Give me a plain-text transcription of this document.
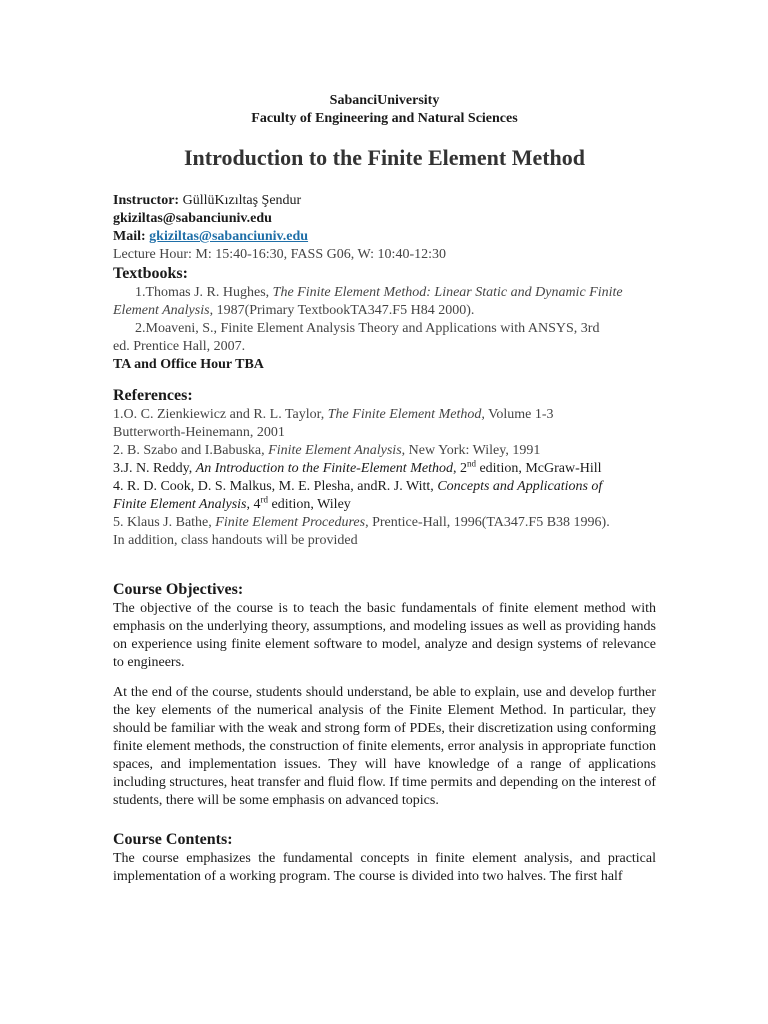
SabanciUniversity
Faculty of Engineering and Natural Sciences
Introduction to the Finite Element Method
Instructor: GüllüKızıltaş Şendur
gkiziltas@sabanciuniv.edu
Mail: gkiziltas@sabanciuniv.edu
Lecture Hour: M: 15:40-16:30, FASS G06, W: 10:40-12:30
Textbooks:
1.Thomas J. R. Hughes, The Finite Element Method: Linear Static and Dynamic Finite Element Analysis, 1987(Primary TextbookTA347.F5 H84 2000).
2.Moaveni, S., Finite Element Analysis Theory and Applications with ANSYS, 3rd
ed. Prentice Hall, 2007.
TA and Office Hour TBA
References:
1.O. C. Zienkiewicz and R. L. Taylor, The Finite Element Method, Volume 1-3
Butterworth-Heinemann, 2001
2. B. Szabo and I.Babuska, Finite Element Analysis, New York: Wiley, 1991
3.J. N. Reddy, An Introduction to the Finite-Element Method, 2nd edition, McGraw-Hill
4. R. D. Cook, D. S. Malkus, M. E. Plesha, andR. J. Witt, Concepts and Applications of
Finite Element Analysis, 4rd edition, Wiley
5. Klaus J. Bathe, Finite Element Procedures, Prentice-Hall, 1996(TA347.F5 B38 1996).
In addition, class handouts will be provided
Course Objectives:
The objective of the course is to teach the basic fundamentals of finite element method with emphasis on the underlying theory, assumptions, and modeling issues as well as providing hands on experience using finite element software to model, analyze and design systems of relevance to engineers.
At the end of the course, students should understand, be able to explain, use and develop further the key elements of the numerical analysis of the Finite Element Method. In particular, they should be familiar with the weak and strong form of PDEs, their discretization using conforming finite element methods, the construction of finite elements, error analysis in appropriate function spaces, and implementation issues. They will have knowledge of a range of applications including structures, heat transfer and fluid flow. If time permits and depending on the interest of students, there will be some emphasis on advanced topics.
Course Contents:
The course emphasizes the fundamental concepts in finite element analysis, and practical implementation of a working program. The course is divided into two halves. The first half
